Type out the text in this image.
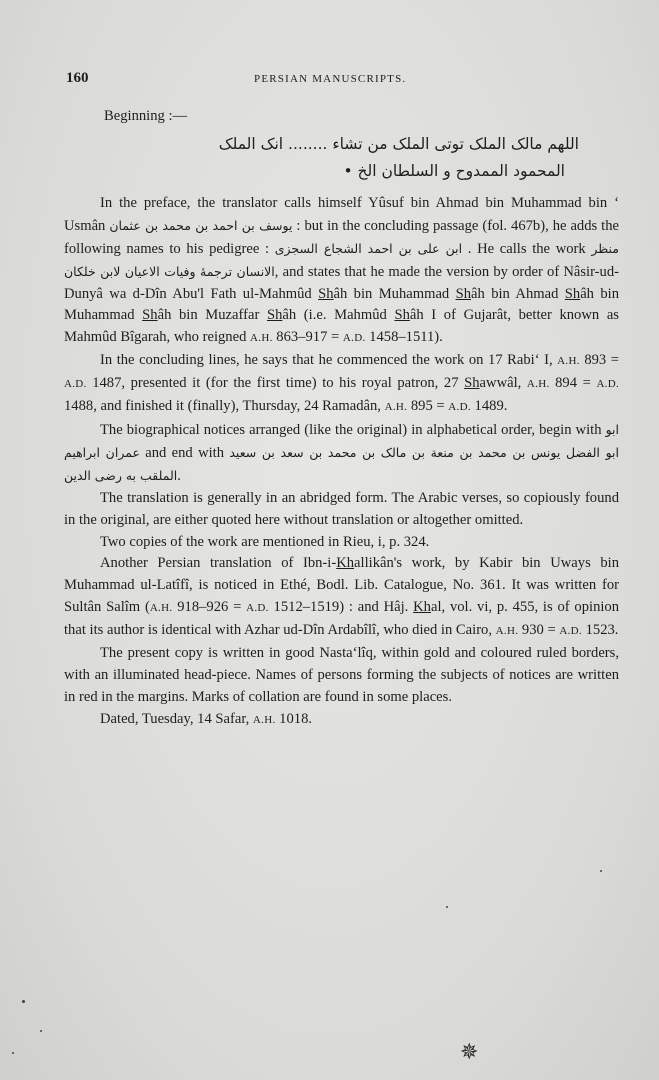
160	PERSIAN MANUSCRIPTS.

Beginning :—

اللهم مالک الملک توتی الملک من تشاء ........ انک الملک

المحمود الممدوح و السلطان الخ ‌•

In the preface, the translator calls himself Yûsuf bin Ahmad bin Muhammad bin ‘ Usmân یوسف بن احمد بن محمد بن عثمان : but in the concluding passage (fol. 467b), he adds the following names to his pedigree : ابن علی بن احمد الشجاع السجزی . He calls the work منظر الانسان ترجمهٔ وفیات الاعیان لابن خلکان, and states that he made the version by order of Nâsir-ud-Dunyâ wa d-Dîn Abu'l Fath ul-Mahmûd Shâh bin Muhammad Shâh bin Ahmad Shâh bin Muhammad Shâh bin Muzaffar Shâh (i.e. Mahmûd Shâh I of Gujarât, better known as Mahmûd Bîgarah, who reigned A.H. 863–917 = A.D. 1458–1511).

In the concluding lines, he says that he commenced the work on 17 Rabi‘ I, A.H. 893 = A.D. 1487, presented it (for the first time) to his royal patron, 27 Shawwâl, A.H. 894 = A.D. 1488, and finished it (finally), Thursday, 24 Ramadân, A.H. 895 = A.D. 1489.

The biographical notices arranged (like the original) in alphabetical order, begin with ابو عمران ابراهیم and end with ابو الفضل یونس بن محمد بن منعة بن مالک بن محمد بن سعد بن سعید الملقب به رضی الدین.

The translation is generally in an abridged form. The Arabic verses, so copiously found in the original, are either quoted here without translation or altogether omitted.

Two copies of the work are mentioned in Rieu, i, p. 324.

Another Persian translation of Ibn-i-Khallikân's work, by Kabir bin Uways bin Muhammad ul-Latîfî, is noticed in Ethé, Bodl. Lib. Catalogue, No. 361. It was written for Sultân Salîm (A.H. 918–926 = A.D. 1512–1519) : and Hâj. Khal, vol. vi, p. 455, is of opinion that its author is identical with Azhar ud-Dîn Ardabîlî, who died in Cairo, A.H. 930 = A.D. 1523.

The present copy is written in good Nasta‘lîq, within gold and coloured ruled borders, with an illuminated head-piece. Names of persons forming the subjects of notices are written in red in the margins. Marks of collation are found in some places.

Dated, Tuesday, 14 Safar, A.H. 1018.

✵
